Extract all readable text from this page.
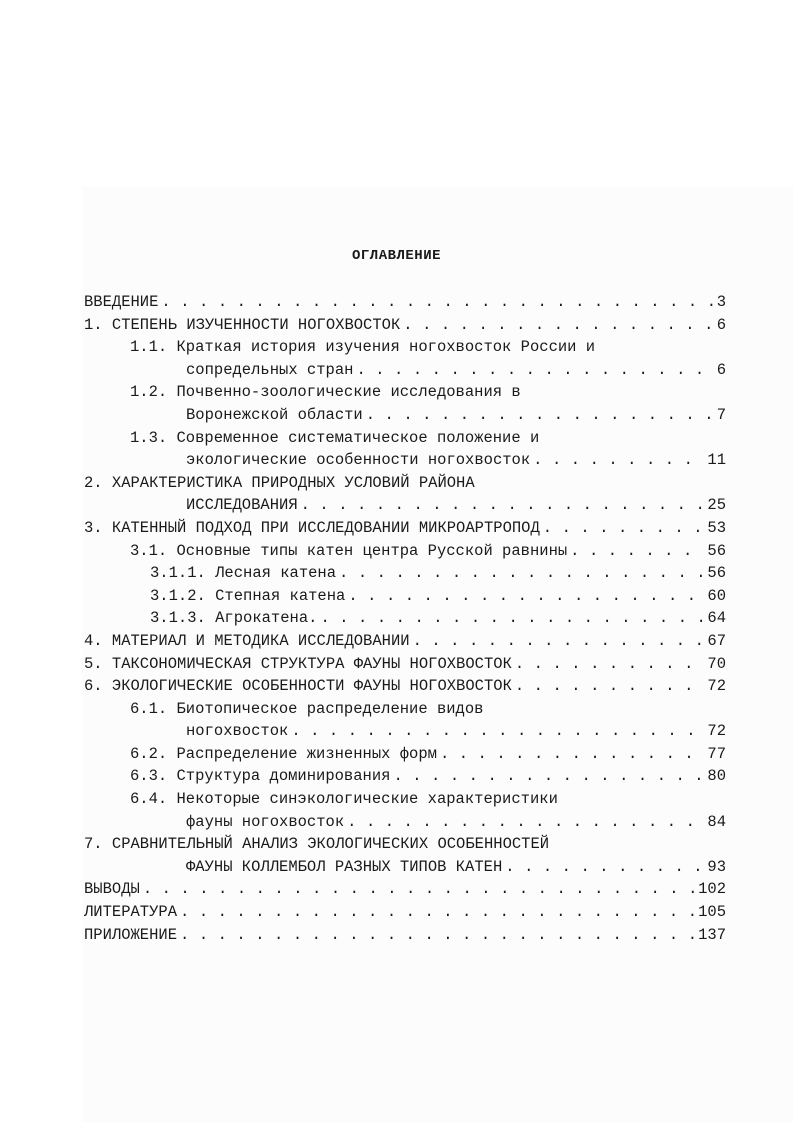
ОГЛАВЛЕНИЕ
ВВЕДЕНИЕ . . .	3
1. СТЕПЕНЬ ИЗУЧЕННОСТИ НОГОХВОСТОК . . .	6
1.1. Краткая история изучения ногохвосток России и
сопредельных стран . . .	6
1.2. Почвенно-зоологические исследования в
Воронежской области . . .	7
1.3. Современное систематическое положение и
экологические особенности ногохвосток . . .	11
2. ХАРАКТЕРИСТИКА ПРИРОДНЫХ УСЛОВИЙ РАЙОНА
ИССЛЕДОВАНИЯ . . .	25
3. КАТЕННЫЙ ПОДХОД ПРИ ИССЛЕДОВАНИИ МИКРОАРТРОПОД . . .	53
3.1. Основные типы катен центра Русской равнины . . .	56
3.1.1. Лесная катена . . .	56
3.1.2. Степная катена . . .	60
3.1.3. Агрокатена. . . .	64
4. МАТЕРИАЛ И МЕТОДИКА ИССЛЕДОВАНИИ . . .	67
5. ТАКСОНОМИЧЕСКАЯ СТРУКТУРА ФАУНЫ НОГОХВОСТОК . . .	70
6. ЭКОЛОГИЧЕСКИЕ ОСОБЕННОСТИ ФАУНЫ НОГОХВОСТОК . . .	72
6.1. Биотопическое распределение видов
ногохвосток . . .	72
6.2. Распределение жизненных форм . . .	77
6.3. Структура доминирования . . .	80
6.4. Некоторые синэкологические характеристики
фауны ногохвосток . . .	84
7. СРАВНИТЕЛЬНЫЙ АНАЛИЗ ЭКОЛОГИЧЕСКИХ ОСОБЕННОСТЕЙ
ФАУНЫ КОЛЛЕМБОЛ РАЗНЫХ ТИПОВ КАТЕН . . .	93
ВЫВОДЫ . . .	102
ЛИТЕРАТУРА . . .	105
ПРИЛОЖЕНИЕ . . .	137
